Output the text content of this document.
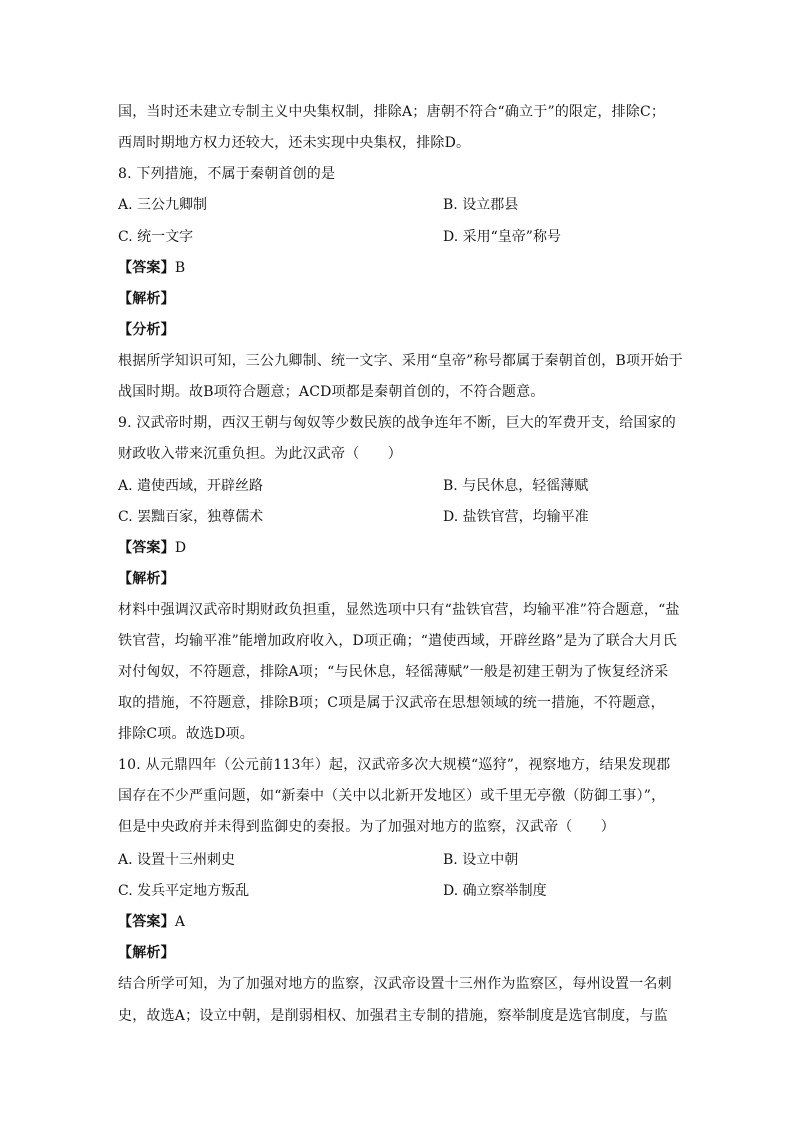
国，当时还未建立专制主义中央集权制，排除A；唐朝不符合“确立于”的限定，排除C；
西周时期地方权力还较大，还未实现中央集权，排除D。
8. 下列措施，不属于秦朝首创的是
A. 三公九卿制	B. 设立郡县
C. 统一文字	D. 采用“皇帝”称号
【答案】B
【解析】
【分析】
根据所学知识可知，三公九卿制、统一文字、采用“皇帝”称号都属于秦朝首创，B项开始于
战国时期。故B项符合题意；ACD项都是秦朝首创的，不符合题意。
9. 汉武帝时期，西汉王朝与匈奴等少数民族的战争连年不断，巨大的军费开支，给国家的
财政收入带来沉重负担。为此汉武帝（　　）
A. 遣使西域，开辟丝路	B. 与民休息，轻徭薄赋
C. 罢黜百家，独尊儒术	D. 盐铁官营，均输平准
【答案】D
【解析】
材料中强调汉武帝时期财政负担重，显然选项中只有“盐铁官营，均输平准”符合题意，“盐
铁官营，均输平准”能增加政府收入，D项正确；“遣使西域，开辟丝路”是为了联合大月氏
对付匈奴，不符题意，排除A项；“与民休息，轻徭薄赋”一般是初建王朝为了恢复经济采
取的措施，不符题意，排除B项；C项是属于汉武帝在思想领域的统一措施，不符题意，
排除C项。故选D项。
10. 从元鼎四年（公元前113年）起，汉武帝多次大规模“巡狩”，视察地方，结果发现郡
国存在不少严重问题，如“新秦中（关中以北新开发地区）或千里无亭徼（防御工事）”，
但是中央政府并未得到监御史的奏报。为了加强对地方的监察，汉武帝（　　）
A. 设置十三州刺史	B. 设立中朝
C. 发兵平定地方叛乱	D. 确立察举制度
【答案】A
【解析】
结合所学可知，为了加强对地方的监察，汉武帝设置十三州作为监察区，每州设置一名刺
史，故选A；设立中朝，是削弱相权、加强君主专制的措施，察举制度是选官制度，与监
